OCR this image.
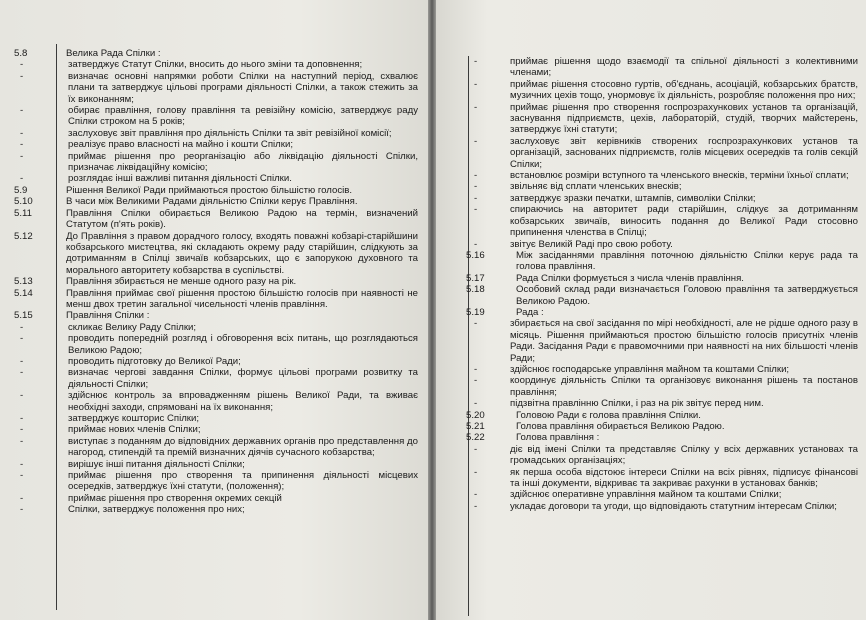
5.8	Велика Рада Спілки :
-	затверджує Статут Спілки, вносить до нього зміни та доповнення;
-	визначає основні напрямки роботи Спілки на наступний період, схвалює плани та затверджує цільові програми діяльності Спілки, а також стежить за їх виконанням;
-	обирає правління, голову правління та ревізійну комісію, затверджує раду Спілки строком на 5 років;
-	заслуховує звіт правління про діяльність Спілки та звіт ревізійної комісії;
-	реалізує право власності на майно і кошти Спілки;
-	приймає рішення про реорганізацію або ліквідацію діяльності Спілки, призначає ліквідаційну комісію;
-	розглядає інші важливі питання діяльності Спілки.
5.9	Рішення Великої Ради приймаються простою більшістю голосів.
5.10	В часи між Великими Радами діяльністю Спілки керує Правління.
5.11	Правління Спілки обирається Великою Радою на термін, визначений Статутом (п'ять років).
5.12	До Правління з правом дорадчого голосу, входять поважні кобзарі-старійшини кобзарського мистецтва, які складають окрему раду старійшин, слідкують за дотриманням в Спілці звичаїв кобзарських, що є запорукою духовного та морального авторитету кобзарства в суспільстві.
5.13	Правління збирається не менше одного разу на рік.
5.14	Правління приймає свої рішення простою більшістю голосів при наявності не менш двох третин загальної чисельності членів правління.
5.15	Правління Спілки :
-	скликає Велику Раду Спілки;
-	проводить попередній розгляд і обговорення всіх питань, що розглядаються Великою Радою;
-	проводить підготовку до Великої Ради;
-	визначає чергові завдання Спілки, формує цільові програми розвитку та діяльності Спілки;
-	здійснює контроль за впровадженням рішень Великої Ради, та вживає необхідні заходи, спрямовані на їх виконання;
-	затверджує кошторис Спілки;
-	приймає нових членів Спілки;
-	виступає з поданням до відповідних державних органів про представлення до нагород, стипендій та премій визначних діячів сучасного кобзарства;
-	вирішує інші питання діяльності Спілки;
-	приймає рішення про створення та припинення діяльності місцевих осередків, затверджує їхні статути, (положення);
-	приймає рішення про створення окремих секцій
-	Спілки, затверджує положення про них;
-	приймає рішення щодо взаємодії та спільної діяльності з колективними членами;
-	приймає рішення стосовно гуртів, об'єднань, асоціацій, кобзарських братств, музичних цехів тощо, унормовує їх діяльність, розробляє положення про них;
-	приймає рішення про створення госпрозрахункових установ та організацій, заснування підприємств, цехів, лабораторій, студій, творчих майстерень, затверджує їхні статути;
-	заслуховує звіт керівників створених госпрозрахункових установ та організацій, заснованих підприємств, голів місцевих осередків та голів секцій Спілки;
-	встановлює розміри вступного та членського внесків, терміни їхньої сплати;
-	звільняє від сплати членських внесків;
-	затверджує зразки печатки, штампів, символіки Спілки;
-	спираючись на авторитет ради старійшин, слідкує за дотриманням кобзарських звичаїв, виносить подання до Великої Ради стосовно припинення членства в Спілці;
-	звітує Великій Раді про свою роботу.
5.16	Між засіданнями правління поточною діяльністю Спілки керує рада та голова правління.
5.17	Рада Спілки формується з числа членів правління.
5.18	Особовий склад ради визначається Головою правління та затверджується Великою Радою.
5.19	Рада :
-	збирається на свої засідання по мірі необхідності, але не рідше одного разу в місяць. Рішення приймаються простою більшістю голосів присутніх членів Ради. Засідання Ради є правомочними при наявності на них більшості членів Ради;
-	здійснює господарське управління майном та коштами Спілки;
-	координує діяльність Спілки та організовує виконання рішень та постанов правління;
-	підзвітна правлінню Спілки, і раз на рік звітує перед ним.
5.20	Головою Ради є голова правління Спілки.
5.21	Голова правління обирається Великою Радою.
5.22	Голова правління :
-	діє від імені Спілки та представляє Спілку у всіх державних установах та громадських організаціях;
-	як перша особа відстоює інтереси Спілки на всіх рівнях, підписує фінансові та інші документи, відкриває та закриває рахунки в установах банків;
-	здійснює оперативне управління майном та коштами Спілки;
-	укладає договори та угоди, що відповідають статутним інтересам Спілки;
